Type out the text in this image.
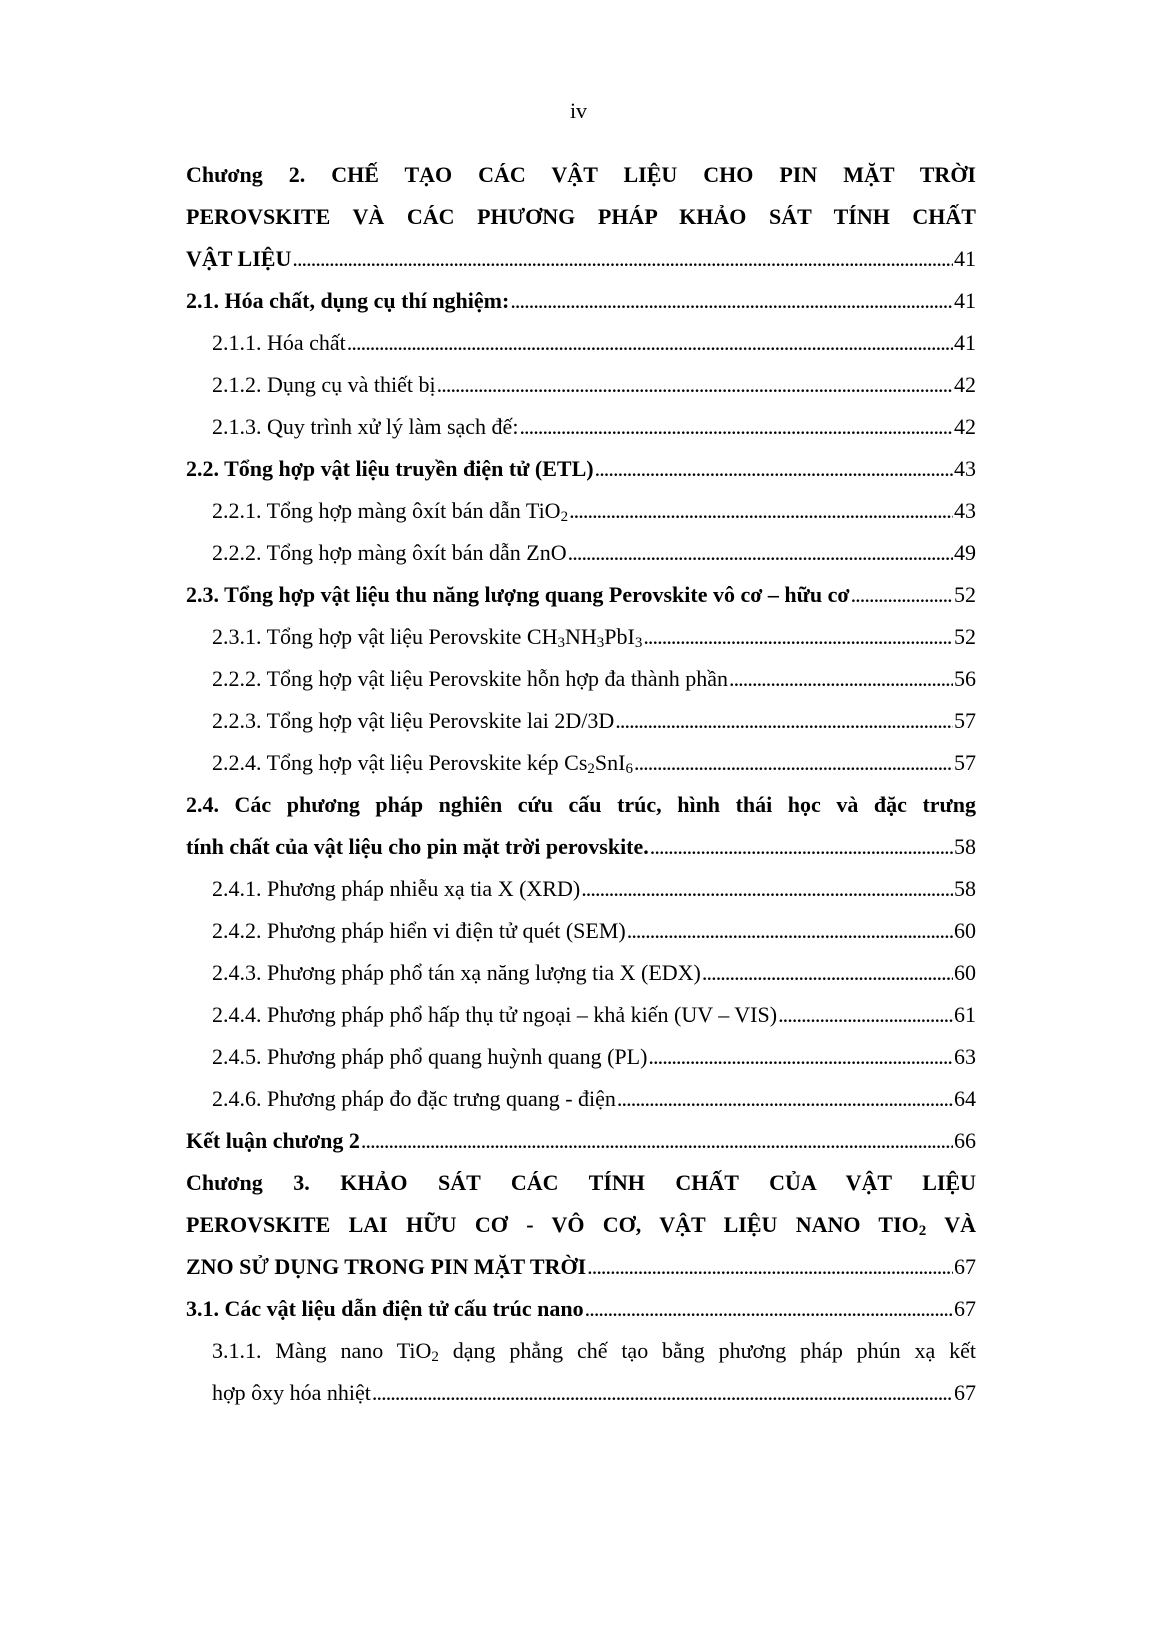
iv
Chương 2. CHẾ TẠO CÁC VẬT LIỆU CHO PIN MẶT TRỜI
PEROVSKITE VÀ CÁC PHƯƠNG PHÁP KHẢO SÁT TÍNH CHẤT
VẬT LIỆU . . .	41
2.1. Hóa chất, dụng cụ thí nghiệm: . . .	41
2.1.1. Hóa chất . . .	41
2.1.2. Dụng cụ và thiết bị . . .	42
2.1.3. Quy trình xử lý làm sạch đế: . . .	42
2.2. Tổng hợp vật liệu truyền điện tử (ETL) . . .	43
2.2.1. Tổng hợp màng ôxít bán dẫn TiO$_2$ . . .	43
2.2.2. Tổng hợp màng ôxít bán dẫn ZnO . . .	49
2.3. Tổng hợp vật liệu thu năng lượng quang Perovskite vô cơ – hữu cơ . . .	52
2.3.1. Tổng hợp vật liệu Perovskite $CH_3NH_3PbI_3$ . . .	52
2.2.2. Tổng hợp vật liệu Perovskite hỗn hợp đa thành phần . . .	56
2.2.3. Tổng hợp vật liệu Perovskite lai 2D/3D . . .	57
2.2.4. Tổng hợp vật liệu Perovskite kép $Cs_2SnI_6$ . . .	57
2.4. Các phương pháp nghiên cứu cấu trúc, hình thái học và đặc trưng
tính chất của vật liệu cho pin mặt trời perovskite. . . .	58
2.4.1. Phương pháp nhiễu xạ tia X (XRD) . . .	58
2.4.2. Phương pháp hiển vi điện tử quét (SEM) . . .	60
2.4.3. Phương pháp phổ tán xạ năng lượng tia X (EDX) . . .	60
2.4.4. Phương pháp phổ hấp thụ tử ngoại – khả kiến (UV – VIS) . . .	61
2.4.5. Phương pháp phổ quang huỳnh quang (PL) . . .	63
2.4.6. Phương pháp đo đặc trưng quang - điện . . .	64
Kết luận chương 2 . . .	66
Chương 3. KHẢO SÁT CÁC TÍNH CHẤT CỦA VẬT LIỆU
PEROVSKITE LAI HỮU CƠ - VÔ CƠ, VẬT LIỆU NANO $TIO_2$ VÀ
ZNO SỬ DỤNG TRONG PIN MẶT TRỜI . . .	67
3.1. Các vật liệu dẫn điện tử cấu trúc nano . . .	67
3.1.1. Màng nano TiO$_2$ dạng phẳng chế tạo bằng phương pháp phún xạ kết
hợp ôxy hóa nhiệt . . .	67
